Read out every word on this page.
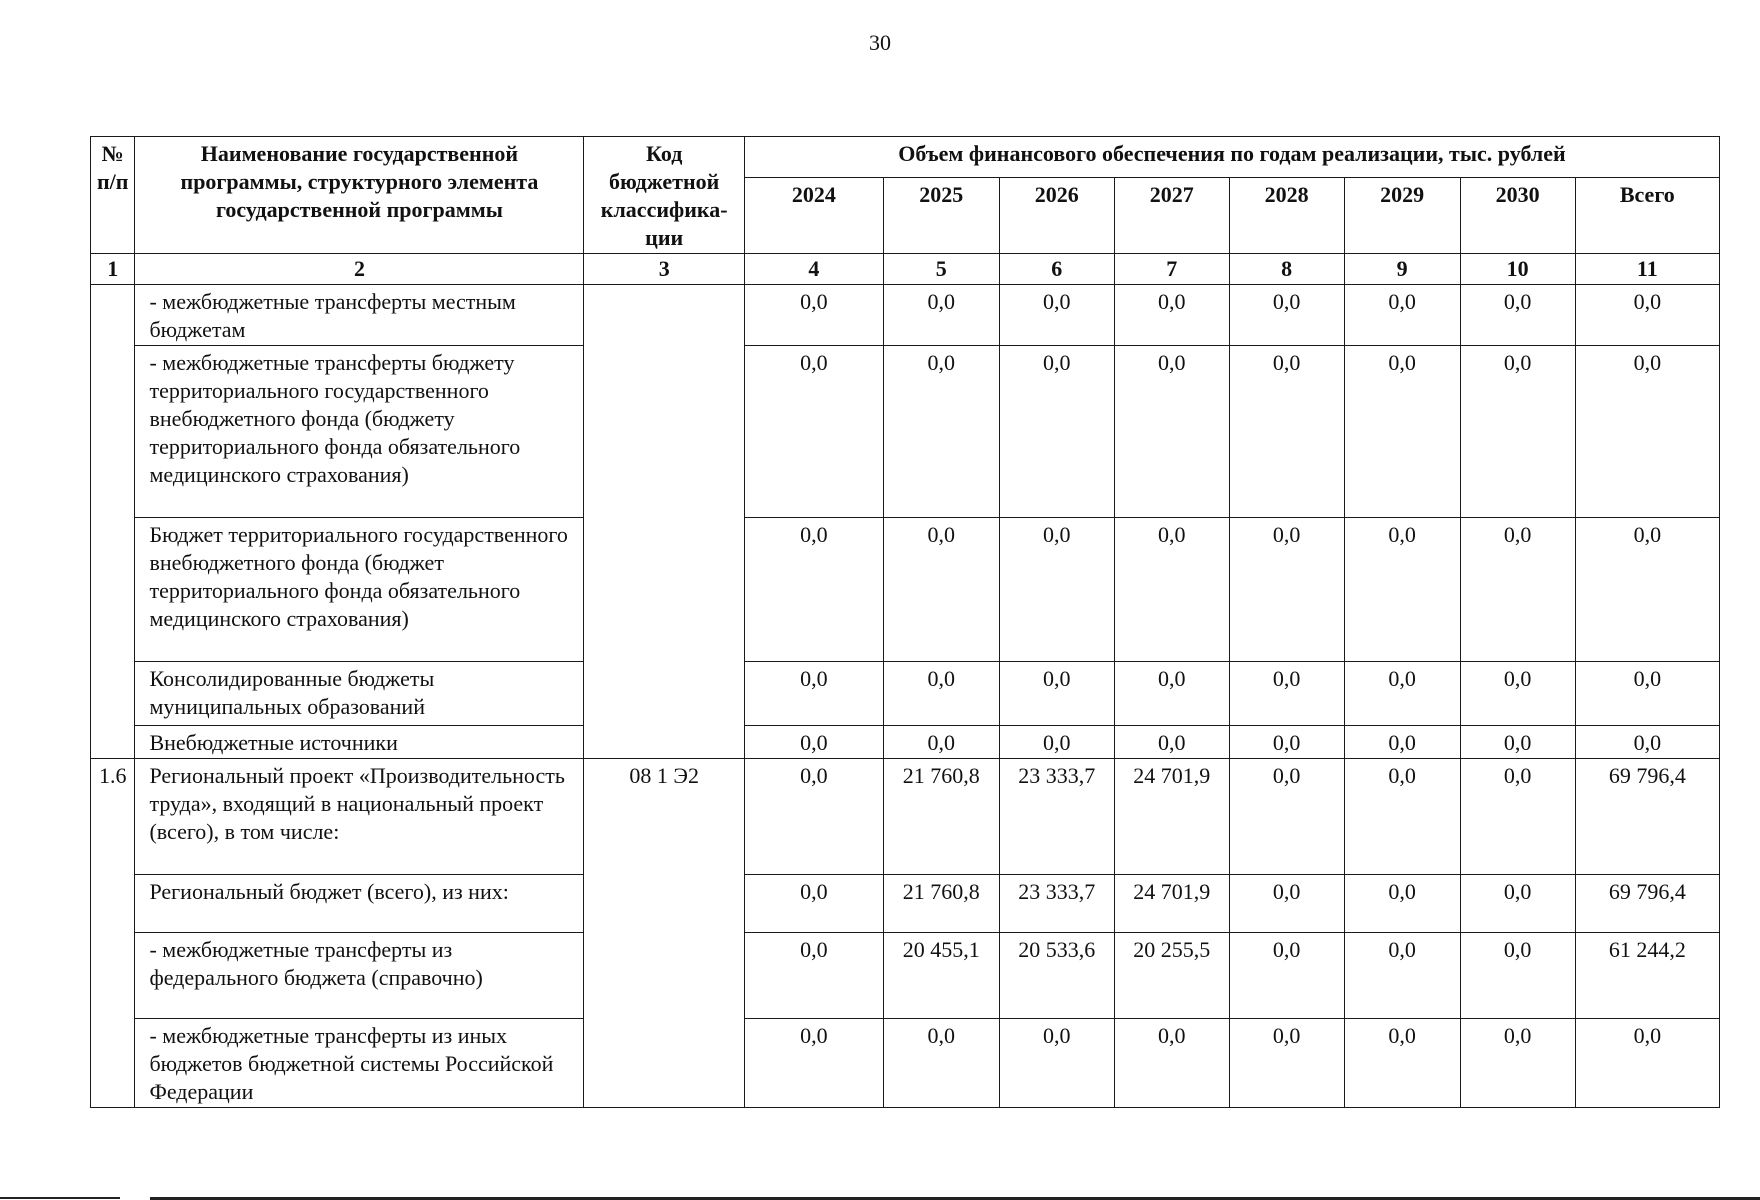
30
№
п/п	Наименование государственной программы, структурного элемента государственной программы	Код бюджетной классифика-ции	Объем финансового обеспечения по годам реализации, тыс. рублей							
			2024	2025	2026	2027	2028	2029	2030	Всего
1	2	3	4	5	6	7	8	9	10	11
	- межбюджетные трансферты местным бюджетам		0,0	0,0	0,0	0,0	0,0	0,0	0,0	0,0
	- межбюджетные трансферты бюджету территориального государственного внебюджетного фонда (бюджету территориального фонда обязательного медицинского страхования)		0,0	0,0	0,0	0,0	0,0	0,0	0,0	0,0
	Бюджет территориального государственного внебюджетного фонда (бюджет территориального фонда обязательного медицинского страхования)		0,0	0,0	0,0	0,0	0,0	0,0	0,0	0,0
	Консолидированные бюджеты муниципальных образований		0,0	0,0	0,0	0,0	0,0	0,0	0,0	0,0
	Внебюджетные источники		0,0	0,0	0,0	0,0	0,0	0,0	0,0	0,0
1.6	Региональный проект «Производительность труда», входящий в национальный проект (всего), в том числе:	08 1 Э2	0,0	21 760,8	23 333,7	24 701,9	0,0	0,0	0,0	69 796,4
	Региональный бюджет (всего), из них:		0,0	21 760,8	23 333,7	24 701,9	0,0	0,0	0,0	69 796,4
	- межбюджетные трансферты из федерального бюджета (справочно)		0,0	20 455,1	20 533,6	20 255,5	0,0	0,0	0,0	61 244,2
	- межбюджетные трансферты из иных бюджетов бюджетной системы Российской Федерации		0,0	0,0	0,0	0,0	0,0	0,0	0,0	0,0
